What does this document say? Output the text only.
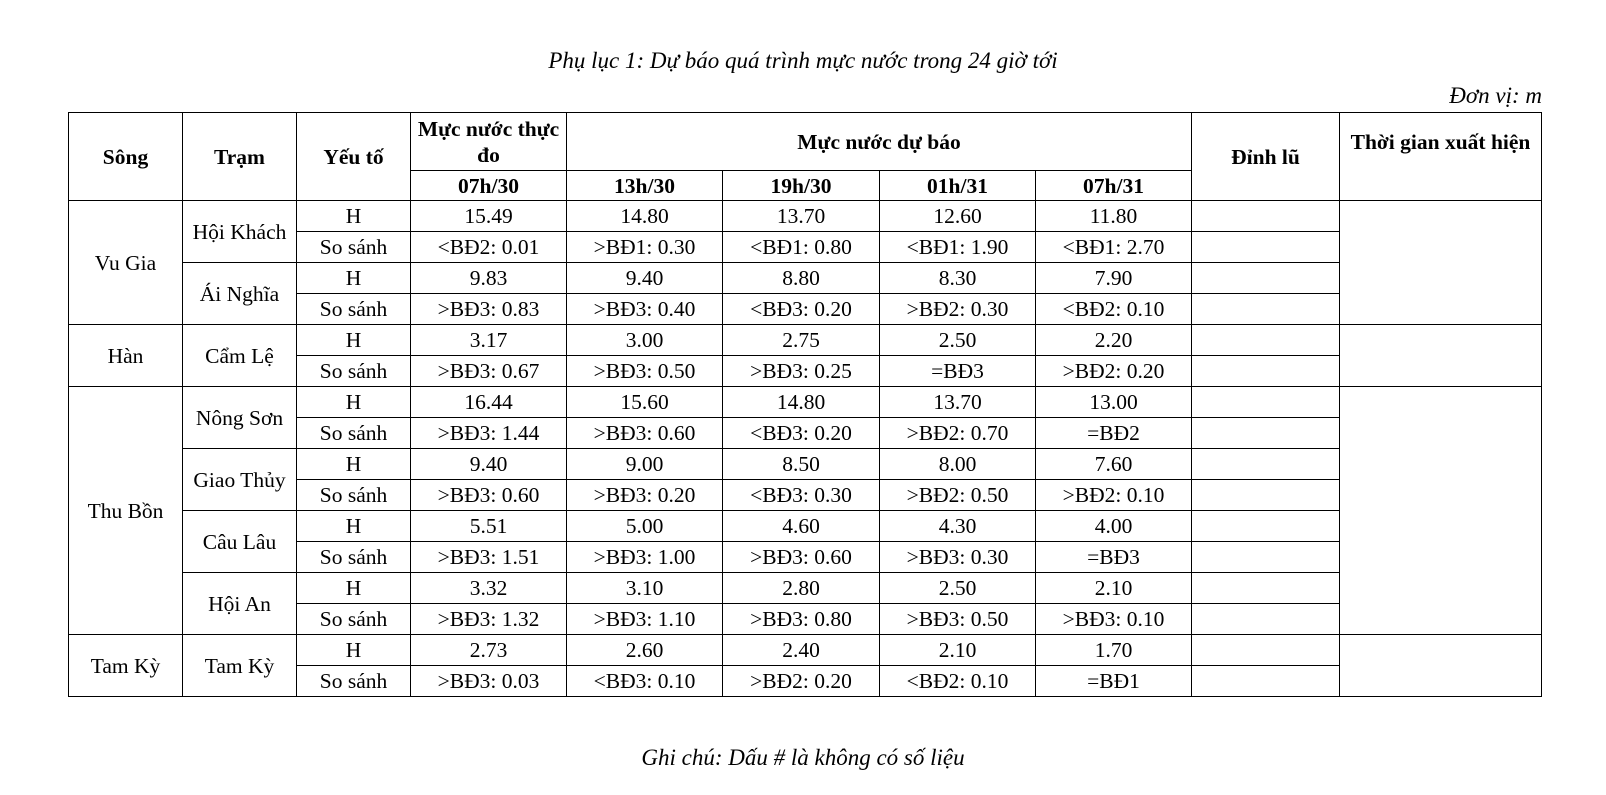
Phụ lục 1: Dự báo quá trình mực nước trong 24 giờ tới
Đơn vị: m
Sông	Trạm	Yếu tố	Mực nước thực đo	Mực nước dự báo				Đỉnh lũ	Thời gian xuất hiện
			07h/30	13h/30	19h/30	01h/31	07h/31		
Vu Gia	Hội Khách	H	15.49	14.80	13.70	12.60	11.80		
		So sánh	<BĐ2: 0.01	>BĐ1: 0.30	<BĐ1: 0.80	<BĐ1: 1.90	<BĐ1: 2.70		
	Ái Nghĩa	H	9.83	9.40	8.80	8.30	7.90		
		So sánh	>BĐ3: 0.83	>BĐ3: 0.40	<BĐ3: 0.20	>BĐ2: 0.30	<BĐ2: 0.10		
Hàn	Cẩm Lệ	H	3.17	3.00	2.75	2.50	2.20		
		So sánh	>BĐ3: 0.67	>BĐ3: 0.50	>BĐ3: 0.25	=BĐ3	>BĐ2: 0.20		
Thu Bồn	Nông Sơn	H	16.44	15.60	14.80	13.70	13.00		
		So sánh	>BĐ3: 1.44	>BĐ3: 0.60	<BĐ3: 0.20	>BĐ2: 0.70	=BĐ2		
	Giao Thủy	H	9.40	9.00	8.50	8.00	7.60		
		So sánh	>BĐ3: 0.60	>BĐ3: 0.20	<BĐ3: 0.30	>BĐ2: 0.50	>BĐ2: 0.10		
	Câu Lâu	H	5.51	5.00	4.60	4.30	4.00		
		So sánh	>BĐ3: 1.51	>BĐ3: 1.00	>BĐ3: 0.60	>BĐ3: 0.30	=BĐ3		
	Hội An	H	3.32	3.10	2.80	2.50	2.10		
		So sánh	>BĐ3: 1.32	>BĐ3: 1.10	>BĐ3: 0.80	>BĐ3: 0.50	>BĐ3: 0.10		
Tam Kỳ	Tam Kỳ	H	2.73	2.60	2.40	2.10	1.70		
		So sánh	>BĐ3: 0.03	<BĐ3: 0.10	>BĐ2: 0.20	<BĐ2: 0.10	=BĐ1		
Ghi chú: Dấu # là không có số liệu
